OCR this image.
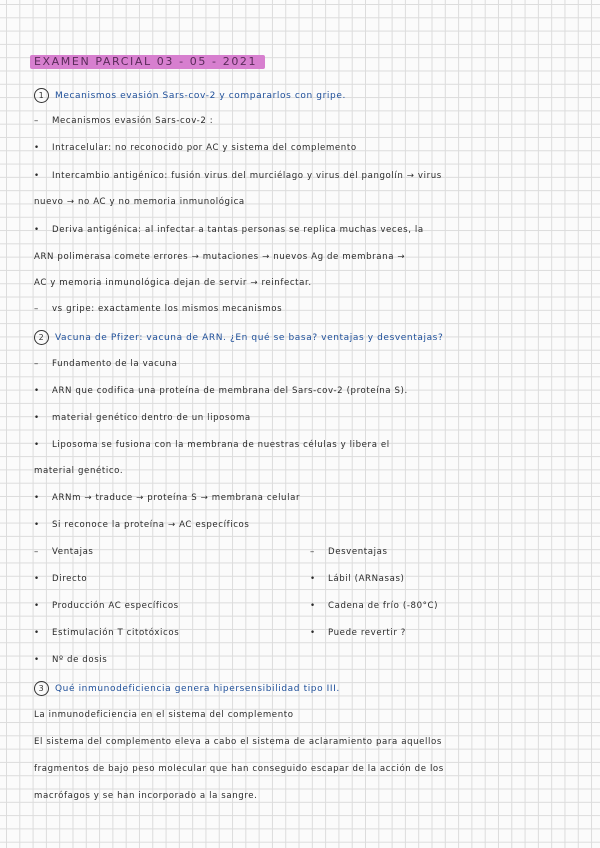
EXAMEN PARCIAL 03 - 05 - 2021
1 Mecanismos evasión Sars-cov-2 y compararlos con gripe.
– Mecanismos evasión Sars-cov-2 :
• Intracelular: no reconocido por AC y sistema del complemento
• Intercambio antigénico: fusión virus del murciélago y virus del pangolín → virus
nuevo → no AC y no memoria inmunológica
• Deriva antigénica: al infectar a tantas personas se replica muchas veces, la
ARN polimerasa comete errores → mutaciones → nuevos Ag de membrana →
AC y memoria inmunológica dejan de servir → reinfectar.
– vs gripe: exactamente los mismos mecanismos
2 Vacuna de Pfizer: vacuna de ARN. ¿En qué se basa? ventajas y desventajas?
– Fundamento de la vacuna
• ARN que codifica una proteína de membrana del Sars-cov-2 (proteína S).
• material genético dentro de un liposoma
• Liposoma se fusiona con la membrana de nuestras células y libera el
material genético.
• ARNm → traduce → proteína S → membrana celular
• Si reconoce la proteína → AC específicos
– Ventajas
• Directo
• Producción AC específicos
• Estimulación T citotóxicos
• Nº de dosis
– Desventajas
• Lábil (ARNasas)
• Cadena de frío (-80°C)
• Puede revertir ?
3 Qué inmunodeficiencia genera hipersensibilidad tipo III.
La inmunodeficiencia en el sistema del complemento
El sistema del complemento eleva a cabo el sistema de aclaramiento para aquellos
fragmentos de bajo peso molecular que han conseguido escapar de la acción de los
macrófagos y se han incorporado a la sangre.
